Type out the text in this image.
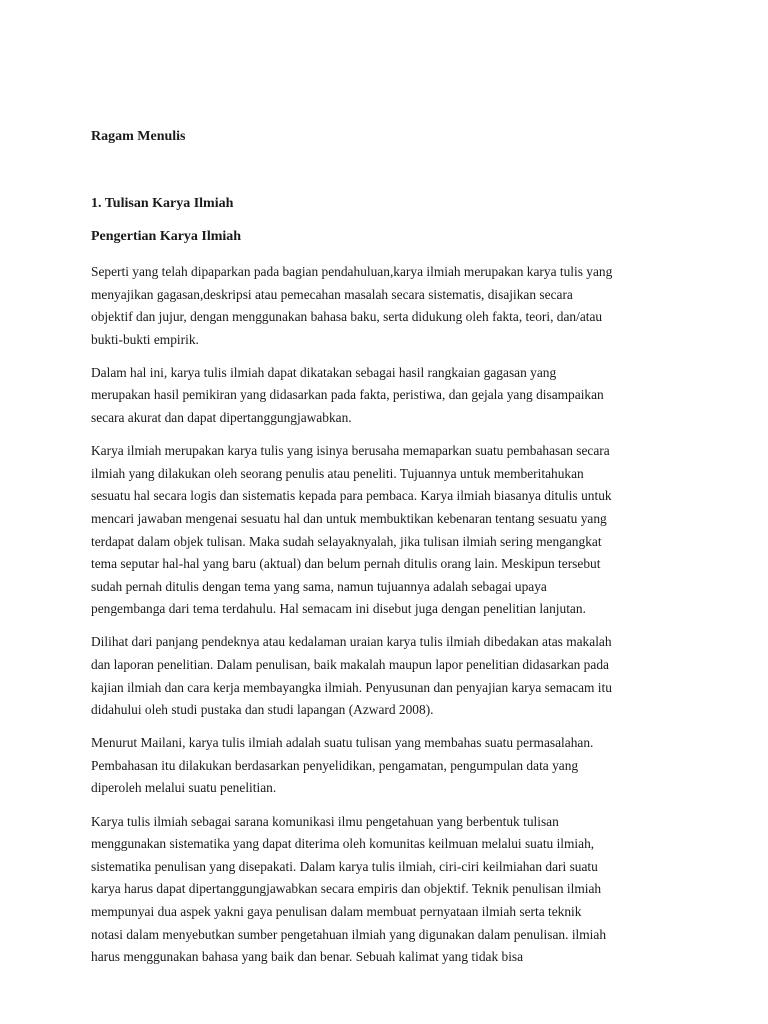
Ragam Menulis
1. Tulisan Karya Ilmiah
Pengertian Karya Ilmiah

Seperti yang telah dipaparkan pada bagian pendahuluan,karya ilmiah merupakan karya tulis yang
menyajikan gagasan,deskripsi atau pemecahan masalah secara sistematis, disajikan secara
objektif dan jujur, dengan menggunakan bahasa baku, serta didukung oleh fakta, teori, dan/atau
bukti-bukti empirik.

Dalam hal ini, karya tulis ilmiah dapat dikatakan sebagai hasil rangkaian gagasan yang
merupakan hasil pemikiran yang didasarkan pada fakta, peristiwa, dan gejala yang disampaikan
secara akurat dan dapat dipertanggungjawabkan.

Karya ilmiah merupakan karya tulis yang isinya berusaha memaparkan suatu pembahasan secara
ilmiah yang dilakukan oleh seorang penulis atau peneliti. Tujuannya untuk memberitahukan
sesuatu hal secara logis dan sistematis kepada para pembaca. Karya ilmiah biasanya ditulis untuk
mencari jawaban mengenai sesuatu hal dan untuk membuktikan kebenaran tentang sesuatu yang
terdapat dalam objek tulisan. Maka sudah selayaknyalah, jika tulisan ilmiah sering mengangkat
tema seputar hal-hal yang baru (aktual) dan belum pernah ditulis orang lain. Meskipun tersebut
sudah pernah ditulis dengan tema yang sama, namun tujuannya adalah sebagai upaya
pengembanga dari tema terdahulu. Hal semacam ini disebut juga dengan penelitian lanjutan.

Dilihat dari panjang pendeknya atau kedalaman uraian karya tulis ilmiah dibedakan atas makalah
dan laporan penelitian. Dalam penulisan, baik makalah maupun lapor penelitian didasarkan pada
kajian ilmiah dan cara kerja membayangka ilmiah. Penyusunan dan penyajian karya semacam itu
didahului oleh studi pustaka dan studi lapangan (Azward 2008).

Menurut Mailani, karya tulis ilmiah adalah suatu tulisan yang membahas suatu permasalahan.
Pembahasan itu dilakukan berdasarkan penyelidikan, pengamatan, pengumpulan data yang
diperoleh melalui suatu penelitian.

Karya tulis ilmiah sebagai sarana komunikasi ilmu pengetahuan yang berbentuk tulisan
menggunakan sistematika yang dapat diterima oleh komunitas keilmuan melalui suatu ilmiah,
sistematika penulisan yang disepakati. Dalam karya tulis ilmiah, ciri-ciri keilmiahan dari suatu
karya harus dapat dipertanggungjawabkan secara empiris dan objektif. Teknik penulisan ilmiah
mempunyai dua aspek yakni gaya penulisan dalam membuat pernyataan ilmiah serta teknik
notasi dalam menyebutkan sumber pengetahuan ilmiah yang digunakan dalam penulisan. ilmiah
harus menggunakan bahasa yang baik dan benar. Sebuah kalimat yang tidak bisa
